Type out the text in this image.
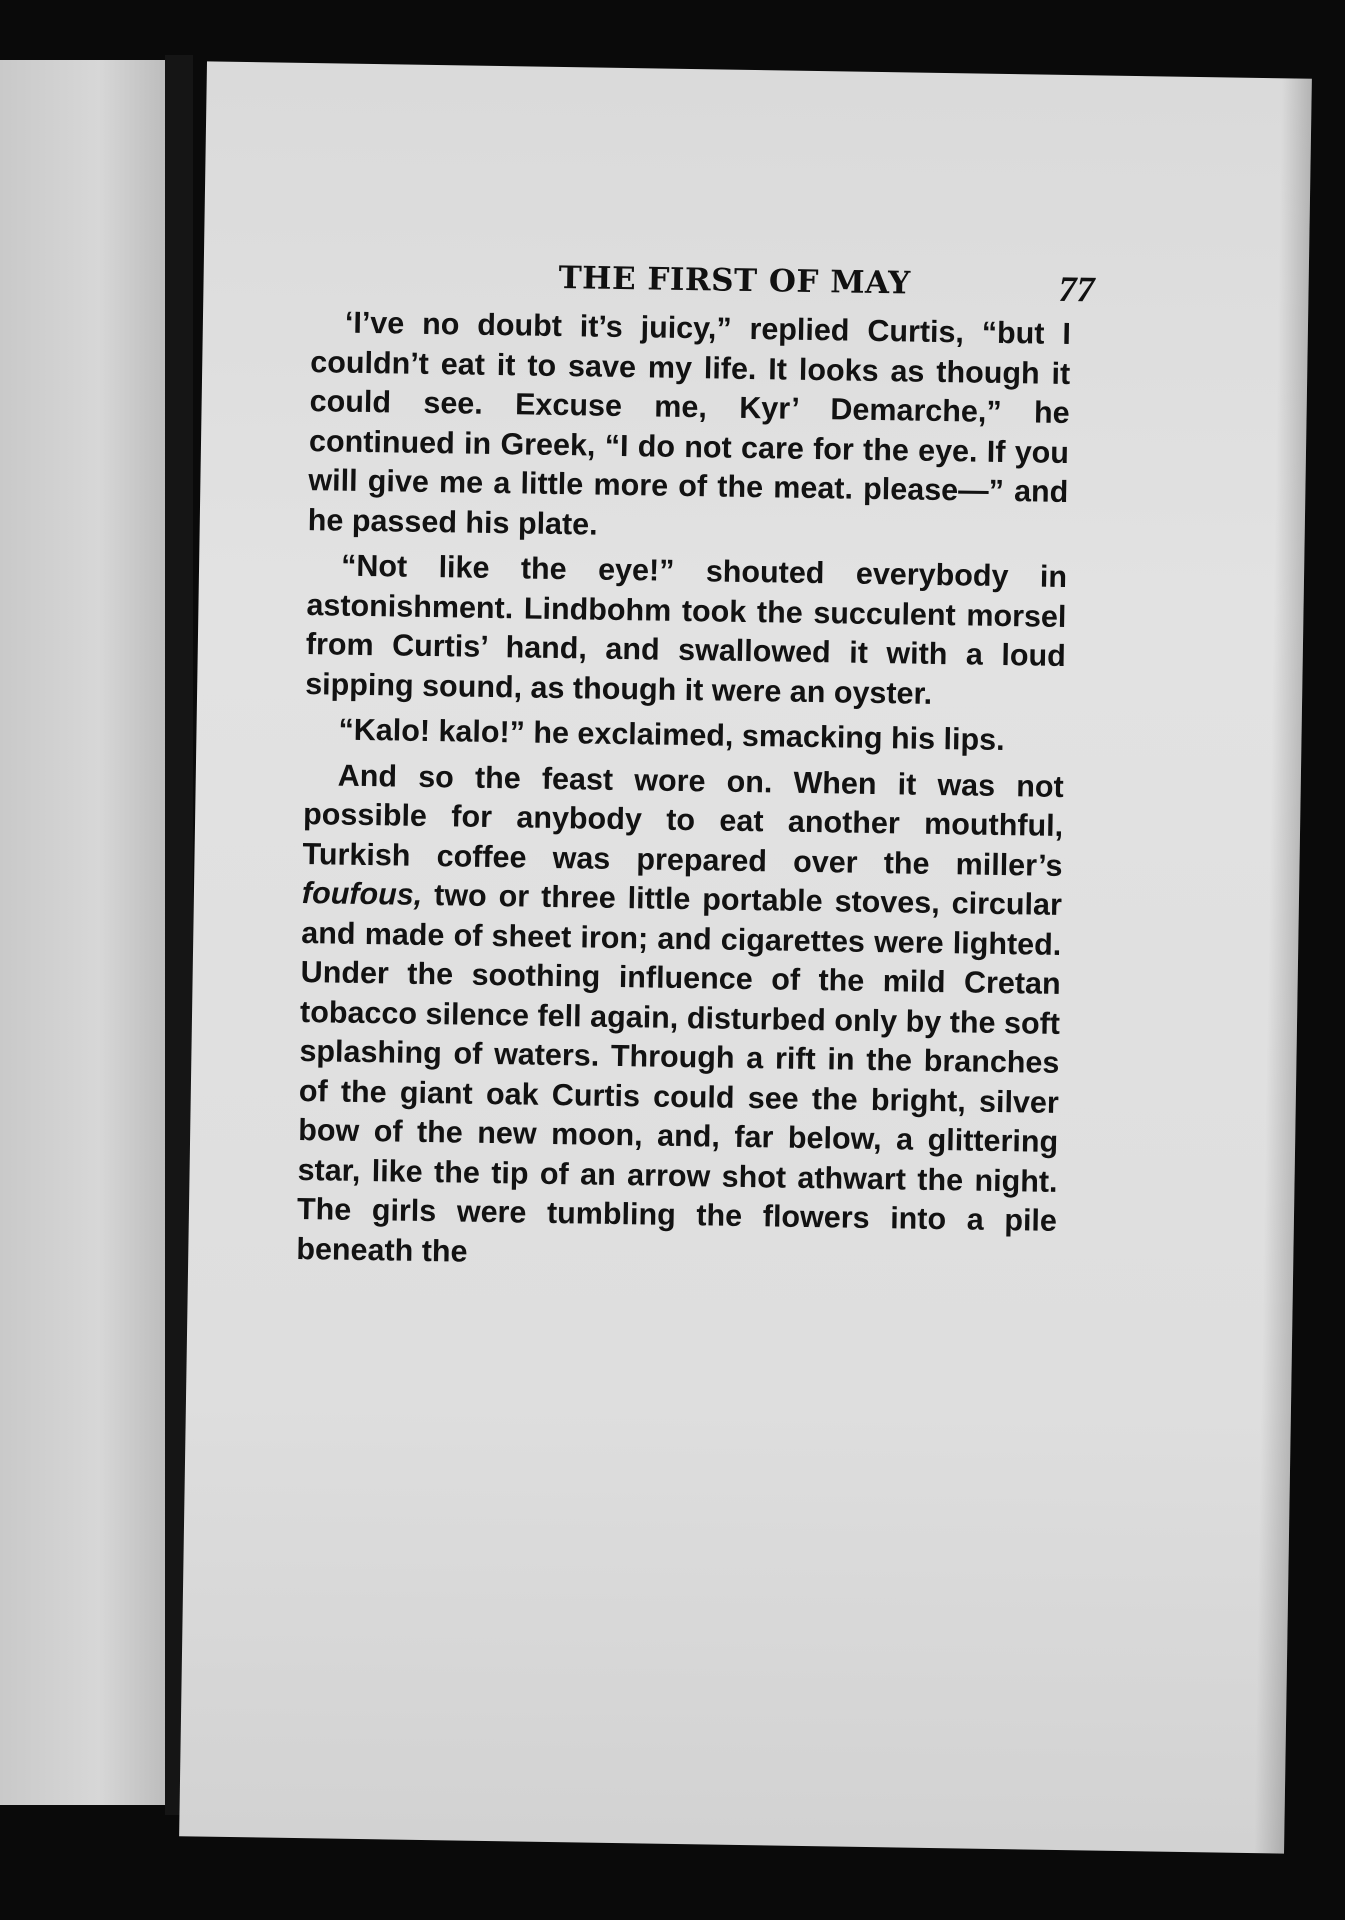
THE FIRST OF MAY	77

‘I’ve no doubt it’s juicy,” replied Curtis, “but I couldn’t eat it to save my life. It looks as though it could see. Excuse me, Kyr’ Demarche,” he continued in Greek, “I do not care for the eye. If you will give me a little more of the meat. please—” and he passed his plate.

“Not like the eye!” shouted everybody in astonishment. Lindbohm took the succulent morsel from Curtis’ hand, and swallowed it with a loud sipping sound, as though it were an oyster.

“Kalo! kalo!” he exclaimed, smacking his lips.

And so the feast wore on. When it was not possible for anybody to eat another mouthful, Turkish coffee was prepared over the miller’s foufous, two or three little portable stoves, circular and made of sheet iron; and cigarettes were lighted. Under the soothing influence of the mild Cretan tobacco silence fell again, disturbed only by the soft splashing of waters. Through a rift in the branches of the giant oak Curtis could see the bright, silver bow of the new moon, and, far below, a glittering star, like the tip of an arrow shot athwart the night. The girls were tumbling the flowers into a pile beneath the
